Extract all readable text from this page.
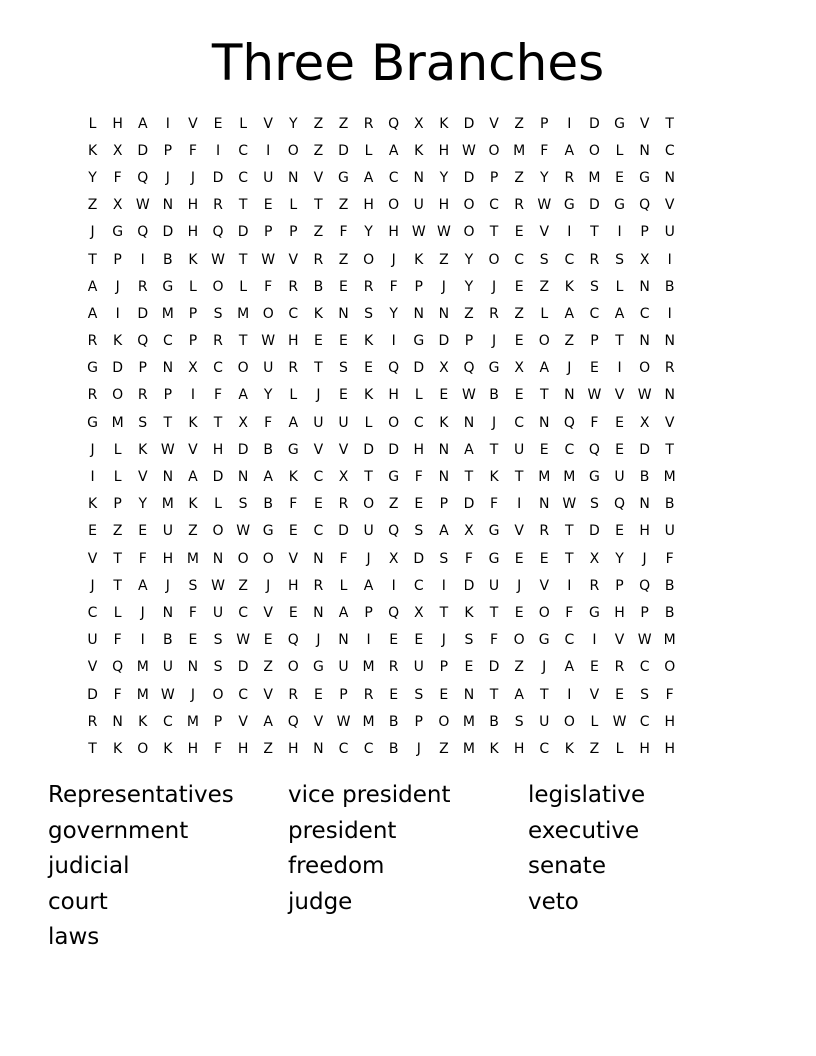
Three Branches
L	H	A	I	V	E	L	V	Y	Z	Z	R	Q	X	K	D	V	Z	P	I	D	G	V	T
K	X	D	P	F	I	C	I	O	Z	D	L	A	K	H W O M	F	A	O	L	N	C
Y	F	Q	J	J	D	C	U	N	V	G	A	C	N	Y	D	P	Z	Y	R	M	E	G	N
Z	X W N	H	R	T	E	L	T	Z	H	O	U	H	O	C	R W G	D	G	Q	V
J	G	Q	D	H	Q	D	P	P	Z	F	Y	H W W O	T	E	V	I	T	I	P	U
T	P	I	B	K W T W V	R	Z	O	J	K	Z	Y	O	C	S	C	R	S	X	I
A	J	R	G	L	O	L	F	R	B	E	R	F	P	J	Y	J	E	Z	K	S	L	N	B
A	I	D M	P	S	M O	C	K	N	S	Y	N	N	Z	R	Z	L	A	C	A	C	I
R	K	Q	C	P	R	T W H	E	E	K	I	G	D	P	J	E	O	Z	P	T	N	N
G	D	P	N	X	C	O	U	R	T	S	E	Q	D	X	Q	G	X	A	J	E	I	O	R
R	O	R	P	I	F	A	Y	L	J	E	K	H	L	E W B	E	T	N W V W N
G M	S	T	K	T	X	F	A	U	U	L	O	C	K	N	J	C	N	Q	F	E	X	V
J	L	K W V	H	D	B	G	V	V	D	D	H	N	A	T	U	E	C	Q	E	D	T
I	L	V	N	A	D	N	A	K	C	X	T	G	F	N	T	K	T	M M G	U	B	M
K	P	Y	M	K	L	S	B	F	E	R	O	Z	E	P	D	F	I	N W S	Q	N	B
E	Z	E	U	Z	O W G	E	C	D	U	Q	S	A	X	G	V	R	T	D	E	H	U
V	T	F	H M N	O	O	V	N	F	J	X	D	S	F	G	E	E	T	X	Y	J	F
J	T	A	J	S W Z	J	H	R	L	A	I	C	I	D	U	J	V	I	R	P	Q	B
C	L	J	N	F	U	C	V	E	N	A	P	Q	X	T	K	T	E	O	F	G	H	P	B
U	F	I	B	E	S W E	Q	J	N	I	E	E	J	S	F	O	G	C	I	V W M
V	Q M U	N	S	D	Z	O	G	U M	R	U	P	E	D	Z	J	A	E	R	C	O
D	F	M W	J	O	C	V	R	E	P	R	E	S	E	N	T	A	T	I	V	E	S	F
R	N	K	C	M	P	V	A	Q	V W M	B	P	O M	B	S	U	O	L	W C	H
T	K	O	K	H	F	H	Z	H	N	C	C	B	J	Z	M	K	H	C	K	Z	L	H	H
Representatives
government
judicial
court
laws
vice president
president
freedom
judge
legislative
executive
senate
veto
